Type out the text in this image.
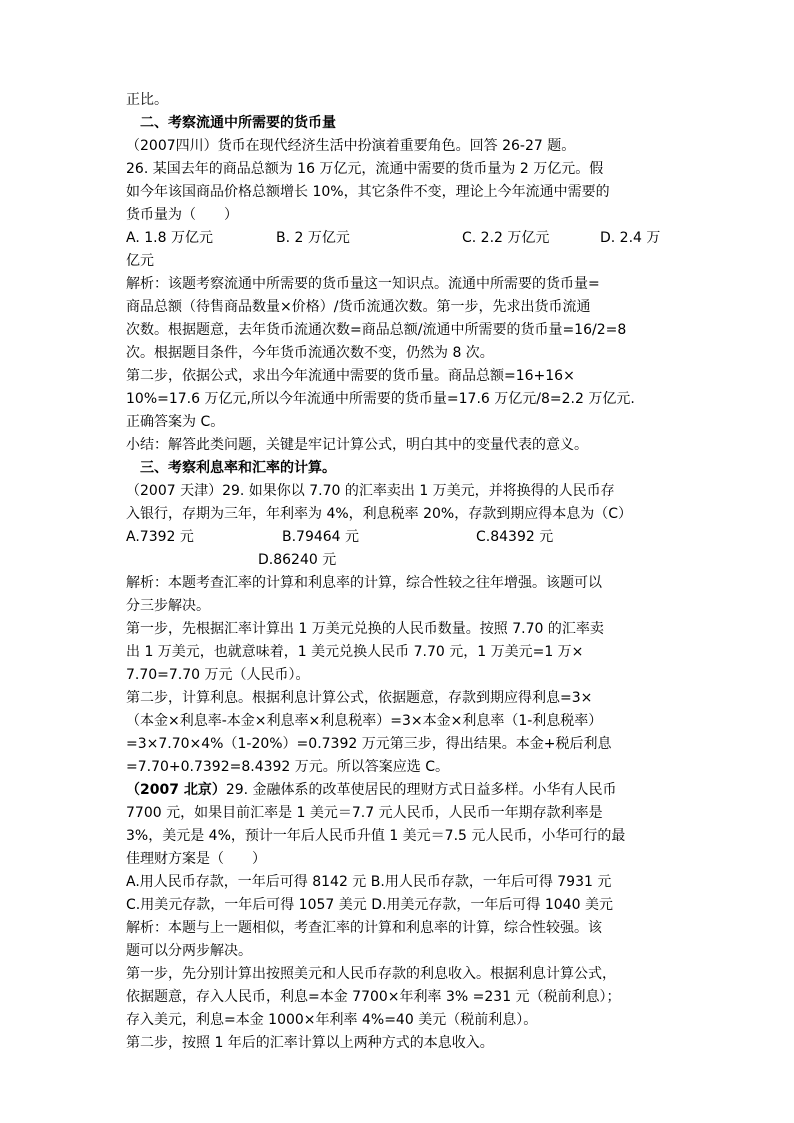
正比。
二、考察流通中所需要的货币量
（2007四川）货币在现代经济生活中扮演着重要角色。回答 26-27 题。
26. 某国去年的商品总额为 16 万亿元，流通中需要的货币量为 2 万亿元。假
如今年该国商品价格总额增长 10%，其它条件不变，理论上今年流通中需要的
货币量为（　　）
A. 1.8 万亿元	B. 2 万亿元	C. 2.2 万亿元	D. 2.4 万
亿元
解析：该题考察流通中所需要的货币量这一知识点。流通中所需要的货币量=
商品总额（待售商品数量×价格）/货币流通次数。第一步，先求出货币流通
次数。根据题意，去年货币流通次数=商品总额/流通中所需要的货币量=16/2=8
次。根据题目条件，今年货币流通次数不变，仍然为 8 次。
第二步，依据公式，求出今年流通中需要的货币量。商品总额=16+16×
10%=17.6 万亿元,所以今年流通中所需要的货币量=17.6 万亿元/8=2.2 万亿元.
正确答案为 C。
小结：解答此类问题，关键是牢记计算公式，明白其中的变量代表的意义。
三、考察利息率和汇率的计算。
（2007 天津）29. 如果你以 7.70 的汇率卖出 1 万美元，并将换得的人民币存
入银行，存期为三年，年利率为 4%，利息税率 20%，存款到期应得本息为（C）
A.7392 元	B.79464 元	C.84392 元
D.86240 元
解析：本题考查汇率的计算和利息率的计算，综合性较之往年增强。该题可以
分三步解决。
第一步，先根据汇率计算出 1 万美元兑换的人民币数量。按照 7.70 的汇率卖
出 1 万美元，也就意味着，1 美元兑换人民币 7.70 元，1 万美元=1 万×
7.70=7.70 万元（人民币）。
第二步，计算利息。根据利息计算公式，依据题意，存款到期应得利息=3×
（本金×利息率-本金×利息率×利息税率）=3×本金×利息率（1-利息税率）
=3×7.70×4%（1-20%）=0.7392 万元第三步，得出结果。本金+税后利息
=7.70+0.7392=8.4392 万元。所以答案应选 C。
（2007 北京）29. 金融体系的改革使居民的理财方式日益多样。小华有人民币
7700 元，如果目前汇率是 1 美元＝7.7 元人民币，人民币一年期存款利率是
3%，美元是 4%，预计一年后人民币升值 1 美元＝7.5 元人民币，小华可行的最
佳理财方案是（　　）
A.用人民币存款，一年后可得 8142 元 B.用人民币存款，一年后可得 7931 元
C.用美元存款，一年后可得 1057 美元 D.用美元存款，一年后可得 1040 美元
解析：本题与上一题相似，考查汇率的计算和利息率的计算，综合性较强。该
题可以分两步解决。
第一步，先分别计算出按照美元和人民币存款的利息收入。根据利息计算公式，
依据题意，存入人民币，利息=本金 7700×年利率 3% =231 元（税前利息）；
存入美元，利息=本金 1000×年利率 4%=40 美元（税前利息）。
第二步，按照 1 年后的汇率计算以上两种方式的本息收入。
